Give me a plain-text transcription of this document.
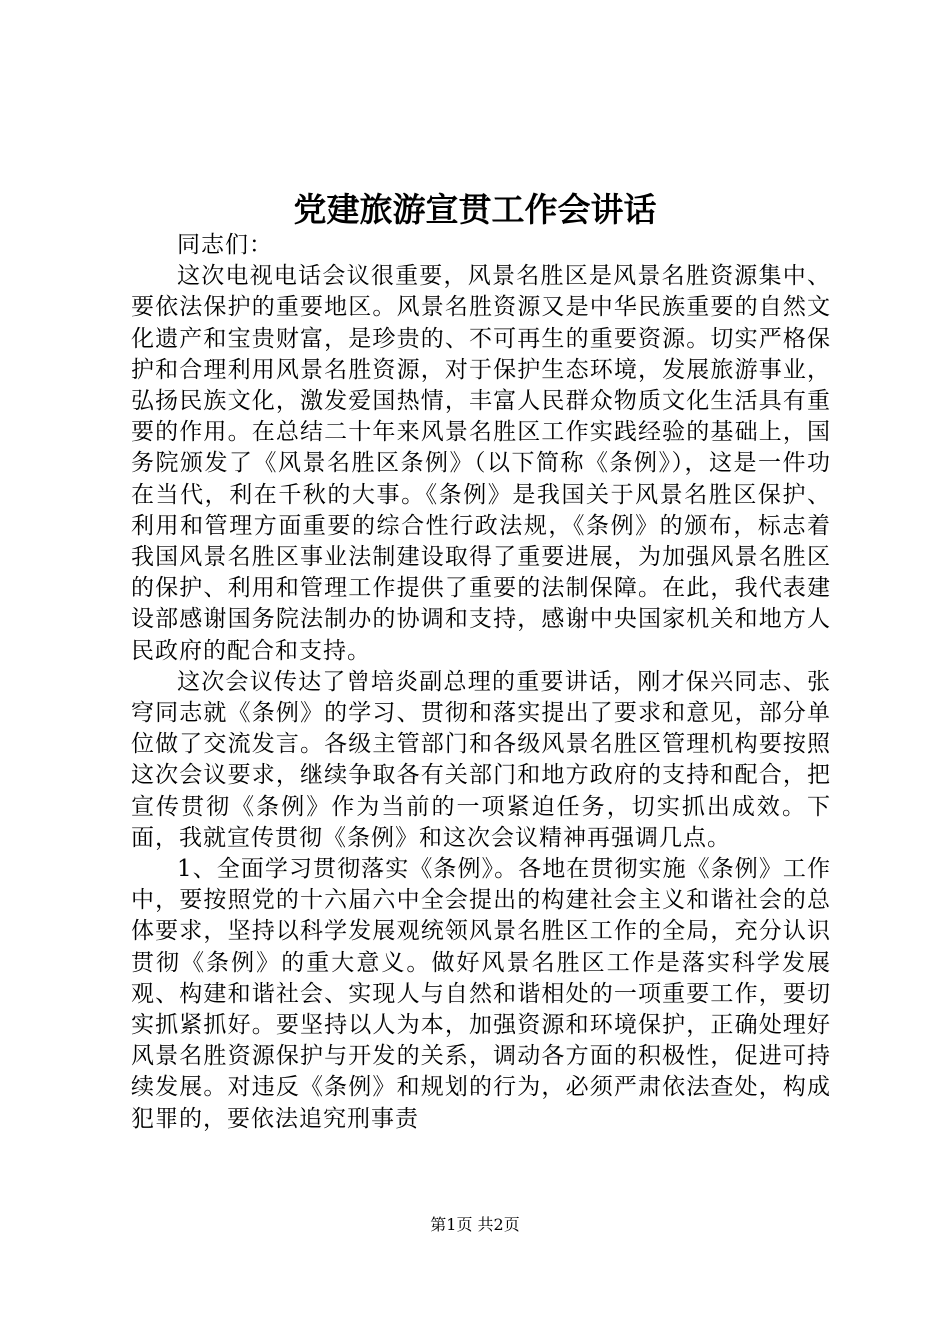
党建旅游宣贯工作会讲话

同志们：

这次电视电话会议很重要，风景名胜区是风景名胜资源集中、要依法保护的重要地区。风景名胜资源又是中华民族重要的自然文化遗产和宝贵财富，是珍贵的、不可再生的重要资源。切实严格保护和合理利用风景名胜资源，对于保护生态环境，发展旅游事业，弘扬民族文化，激发爱国热情，丰富人民群众物质文化生活具有重要的作用。在总结二十年来风景名胜区工作实践经验的基础上，国务院颁发了《风景名胜区条例》（以下简称《条例》），这是一件功在当代，利在千秋的大事。《条例》是我国关于风景名胜区保护、利用和管理方面重要的综合性行政法规，《条例》的颁布，标志着我国风景名胜区事业法制建设取得了重要进展，为加强风景名胜区的保护、利用和管理工作提供了重要的法制保障。在此，我代表建设部感谢国务院法制办的协调和支持，感谢中央国家机关和地方人民政府的配合和支持。

这次会议传达了曾培炎副总理的重要讲话，刚才保兴同志、张穹同志就《条例》的学习、贯彻和落实提出了要求和意见，部分单位做了交流发言。各级主管部门和各级风景名胜区管理机构要按照这次会议要求，继续争取各有关部门和地方政府的支持和配合，把宣传贯彻《条例》作为当前的一项紧迫任务，切实抓出成效。下面，我就宣传贯彻《条例》和这次会议精神再强调几点。

1、全面学习贯彻落实《条例》。各地在贯彻实施《条例》工作中，要按照党的十六届六中全会提出的构建社会主义和谐社会的总体要求，坚持以科学发展观统领风景名胜区工作的全局，充分认识贯彻《条例》的重大意义。做好风景名胜区工作是落实科学发展观、构建和谐社会、实现人与自然和谐相处的一项重要工作，要切实抓紧抓好。要坚持以人为本，加强资源和环境保护，正确处理好风景名胜资源保护与开发的关系，调动各方面的积极性，促进可持续发展。对违反《条例》和规划的行为，必须严肃依法查处，构成犯罪的，要依法追究刑事责

第1页 共2页
